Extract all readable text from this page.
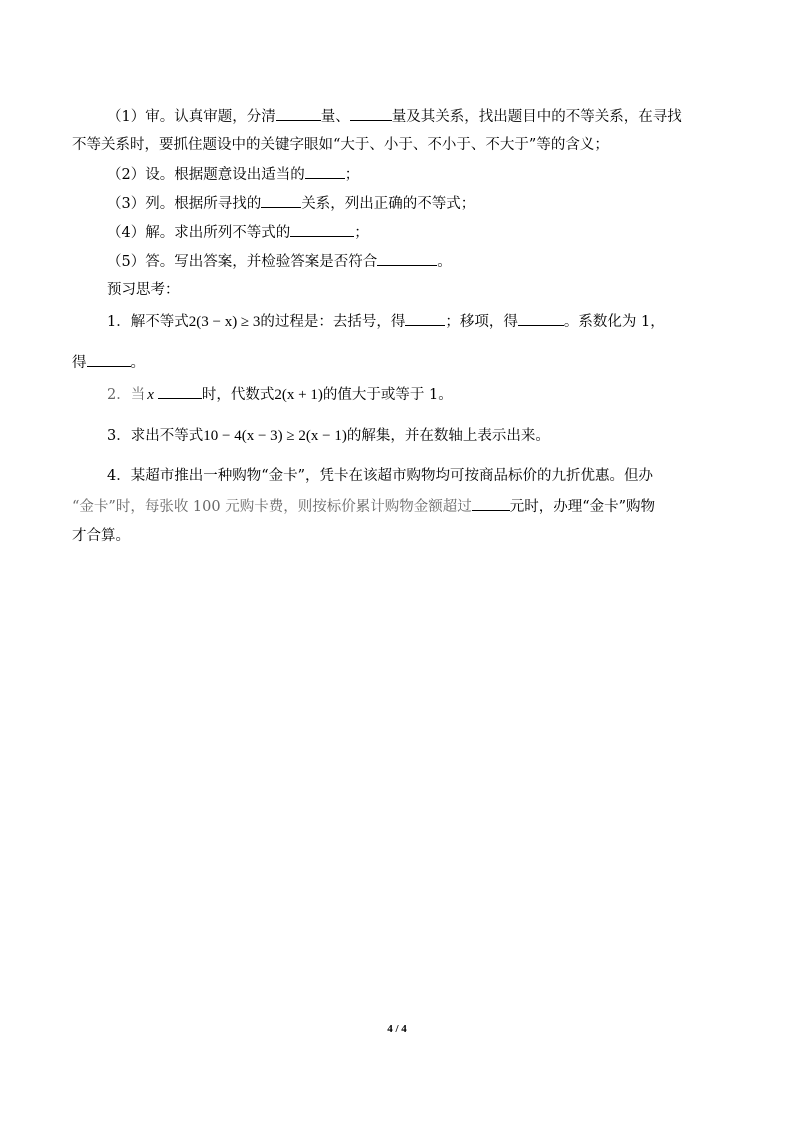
（1）审。认真审题，分清	量、	量及其关系，找出题目中的不等关系，在寻找
不等关系时，要抓住题设中的关键字眼如“大于、小于、不小于、不大于”等的含义；
（2）设。根据题意设出适当的	；
（3）列。根据所寻找的	关系，列出正确的不等式；
（4）解。求出所列不等式的	；
（5）答。写出答案，并检验答案是否符合	。
预习思考：
1．解不等式2(3 − x) ≥ 3的过程是：去括号，得	；移项，得	。系数化为 1，
得	。
2．当 x	时，代数式2(x + 1)的值大于或等于 1。
3．求出不等式10 − 4(x − 3) ≥ 2(x − 1)的解集，并在数轴上表示出来。
4．某超市推出一种购物“金卡”，凭卡在该超市购物均可按商品标价的九折优惠。但办
“金卡”时，每张收 100 元购卡费，则按标价累计购物金额超过	元时，办理“金卡”购物
才合算。
4 / 4
